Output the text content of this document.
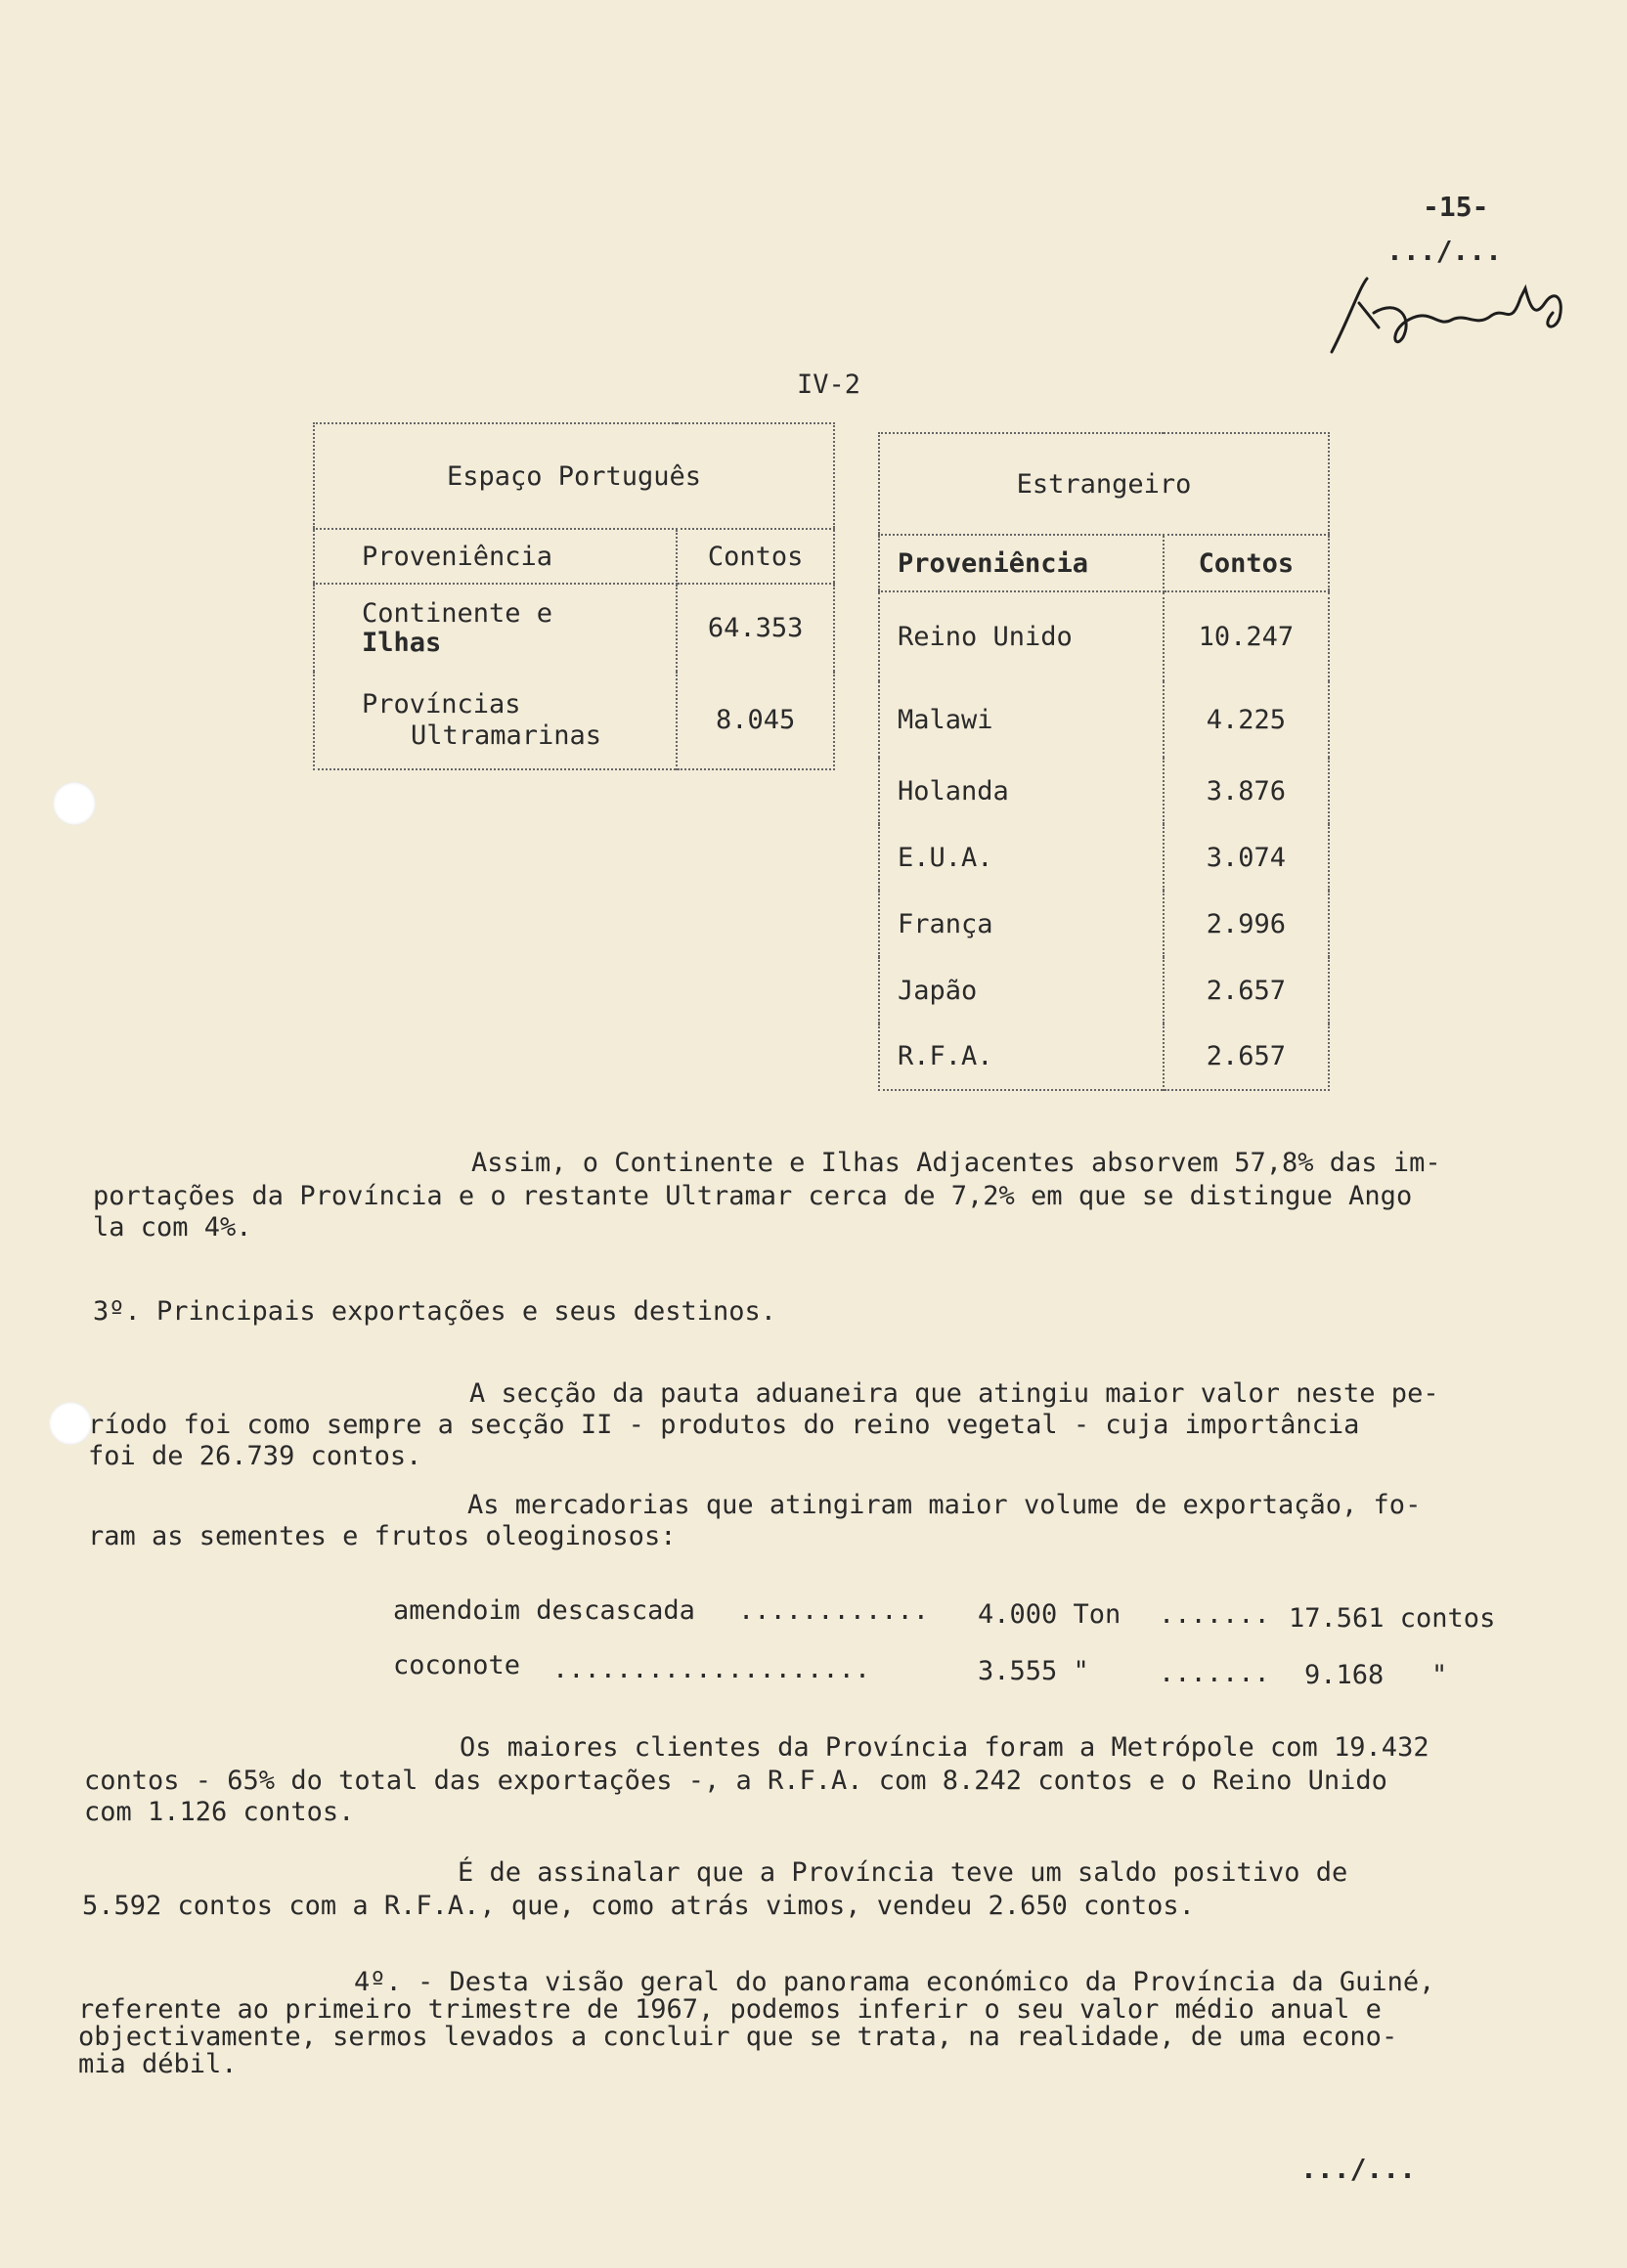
-15-
.../...
IV-2
Espaço Português	
Proveniência	Contos

Continente e
Ilhas	64.353

Províncias
Ultramarinas	8.045
Estrangeiro	
Proveniência	Contos
Reino Unido	10.247
Malawi	4.225
Holanda	3.876
E.U.A.	3.074
França	2.996
Japão	2.657
R.F.A.	2.657
Assim, o Continente e Ilhas Adjacentes absorvem 57,8% das im-
portações da Província e o restante Ultramar cerca de 7,2% em que se distingue Ango
la com 4%.
3º. Principais exportações e seus destinos.
A secção da pauta aduaneira que atingiu maior valor neste pe-
ríodo foi como sempre a secção II - produtos do reino vegetal - cuja importância
foi de 26.739 contos.
As mercadorias que atingiram maior volume de exportação, fo-
ram as sementes e frutos oleoginosos:
amendoim descascada ............ 4.000 Ton ....... 17.561 contos
coconote ....................	3.555 "	....... 9.168   "
Os maiores clientes da Província foram a Metrópole com 19.432
contos - 65% do total das exportações -, a R.F.A. com 8.242 contos e o Reino Unido
com 1.126 contos.
É de assinalar que a Província teve um saldo positivo de
5.592 contos com a R.F.A., que, como atrás vimos, vendeu 2.650 contos.
4º. - Desta visão geral do panorama económico da Província da Guiné,
referente ao primeiro trimestre de 1967, podemos inferir o seu valor médio anual e
objectivamente, sermos levados a concluir que se trata, na realidade, de uma econo-
mia débil.
.../...
